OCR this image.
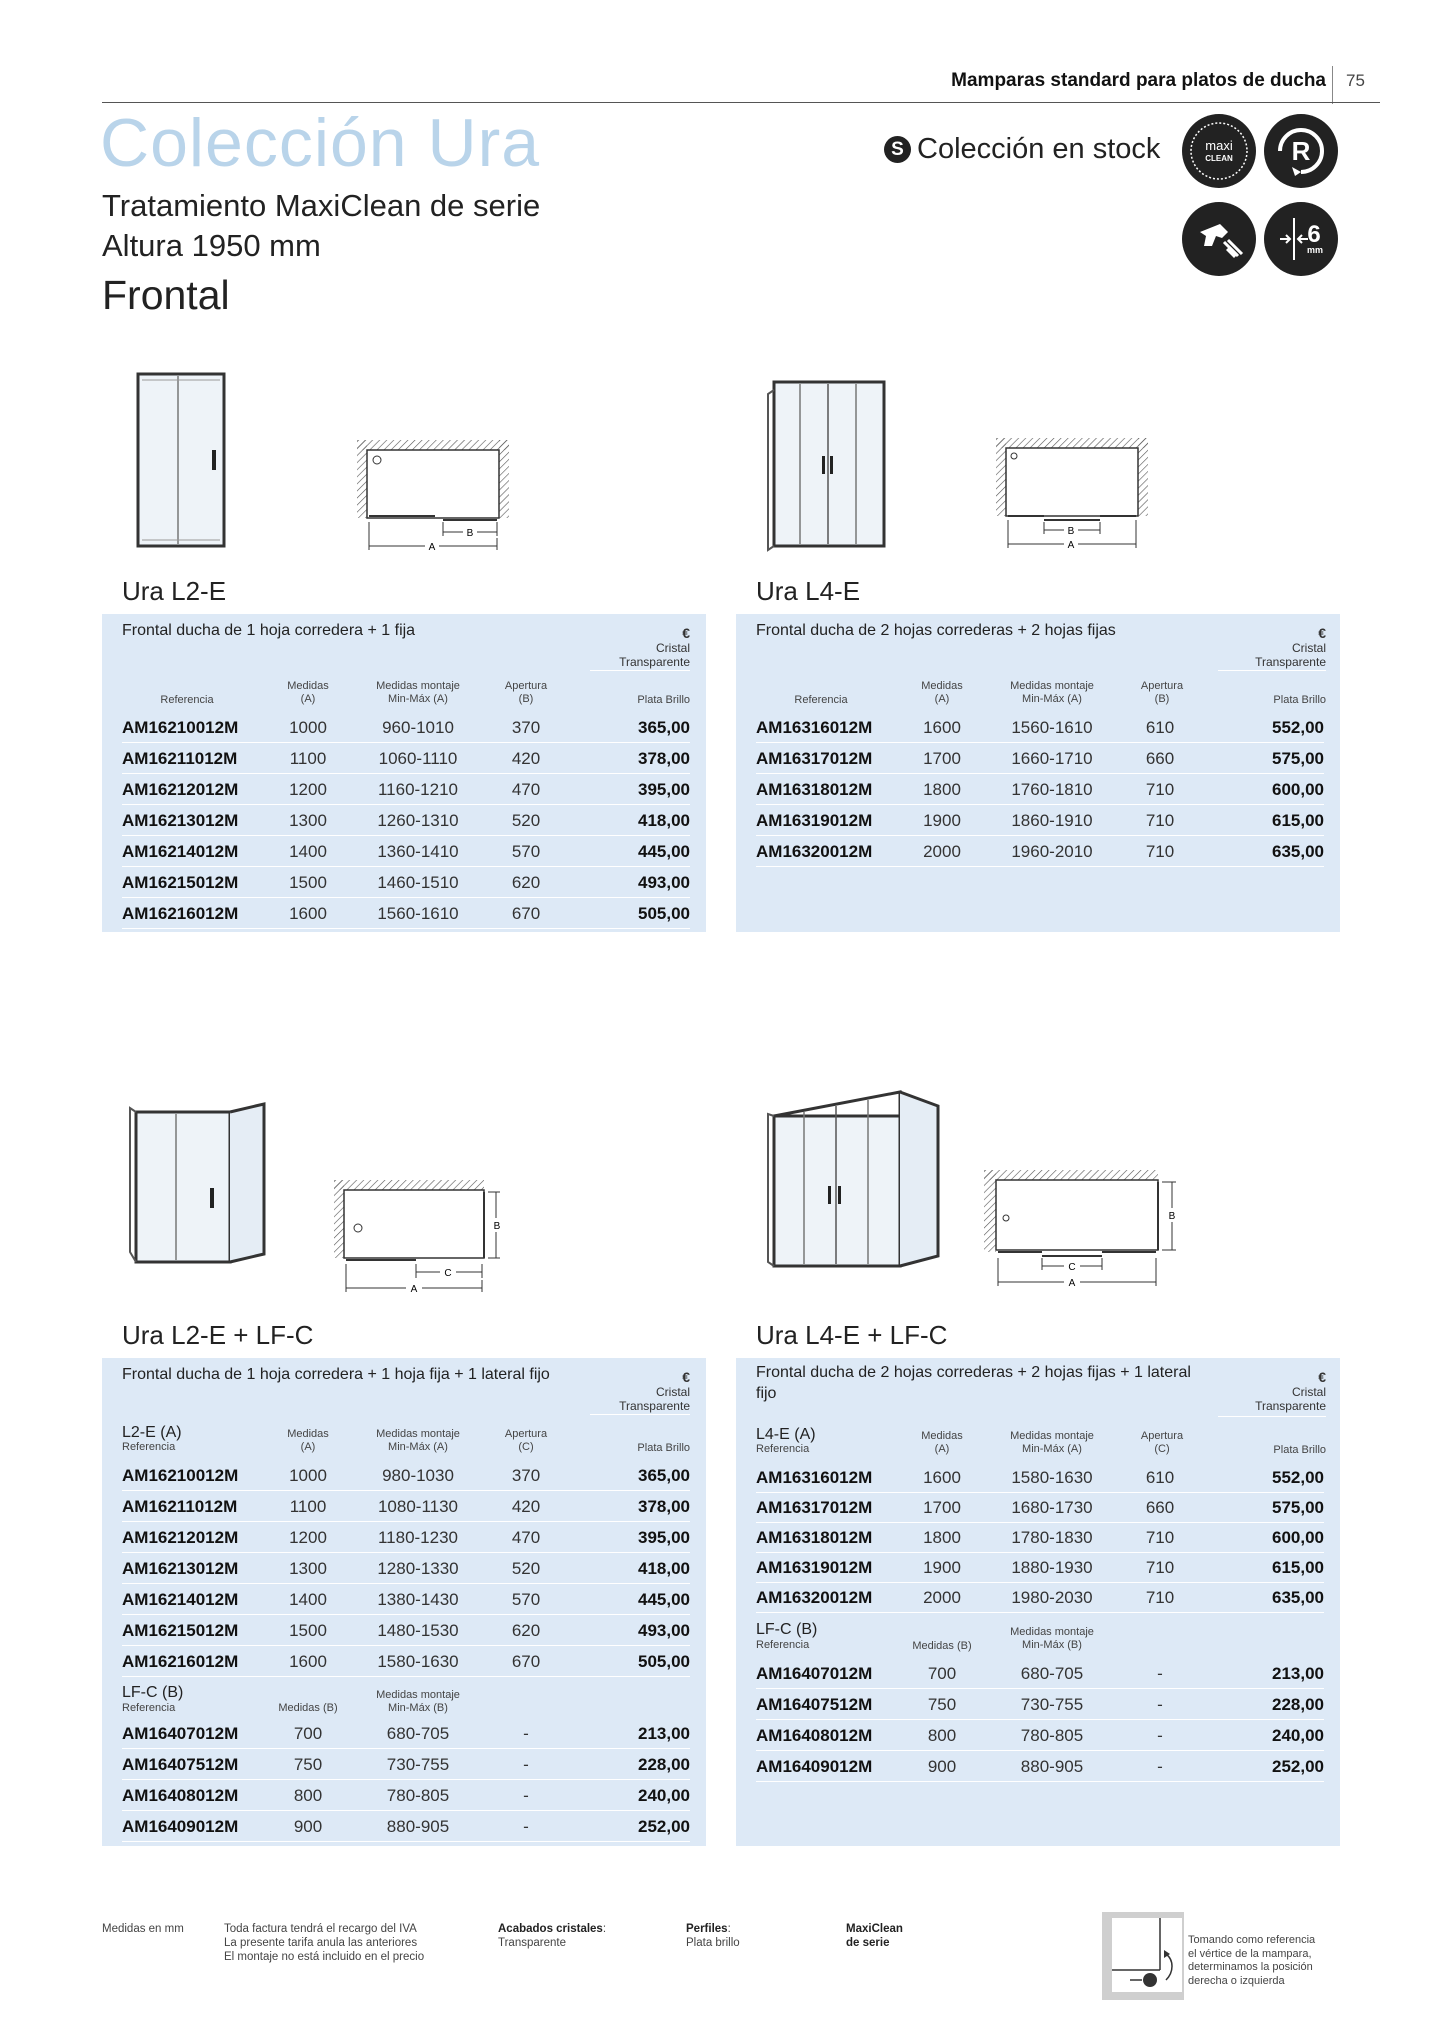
Mamparas standard para platos de ducha 75
Colección Ura
Tratamiento MaxiClean de serie
Altura 1950 mm
Frontal
S Colección en stock	maxi
CLEAN R
6
mm
B
A
B
A
Ura L2-E
Frontal ducha de 1 hoja corredera + 1 fija	€
Cristal
Transparente
Referencia
Medidas
(A)
Medidas montaje
Min-Máx (A)
Apertura
(B)	Plata Brillo
AM16210012M	1000	960-1010	370	365,00
AM16211012M	1100	1060-1110	420	378,00
AM16212012M	1200	1160-1210	470	395,00
AM16213012M	1300	1260-1310	520	418,00
AM16214012M	1400	1360-1410	570	445,00
AM16215012M	1500	1460-1510	620	493,00
AM16216012M	1600	1560-1610	670	505,00
Ura L4-E
Frontal ducha de 2 hojas correderas + 2 hojas fijas	€
Cristal
Transparente
Referencia
Medidas
(A)
Medidas montaje
Min-Máx (A)
Apertura
(B)	Plata Brillo
AM16316012M	1600	1560-1610	610	552,00
AM16317012M	1700	1660-1710	660	575,00
AM16318012M	1800	1760-1810	710	600,00
AM16319012M	1900	1860-1910	710	615,00
AM16320012M	2000	1960-2010	710	635,00
B
C
A
B
C
A
Ura L2-E + LF-C
Frontal ducha de 1 hoja corredera + 1 hoja fija + 1 lateral fijo	€
Cristal
Transparente
L2-E (A)
Referencia
Medidas
(A)
Medidas montaje
Min-Máx (A)
Apertura
(C)	Plata Brillo
AM16210012M	1000	980-1030	370	365,00
AM16211012M	1100	1080-1130	420	378,00
AM16212012M	1200	1180-1230	470	395,00
AM16213012M	1300	1280-1330	520	418,00
AM16214012M	1400	1380-1430	570	445,00
AM16215012M	1500	1480-1530	620	493,00
AM16216012M	1600	1580-1630	670	505,00
LF-C (B)
Referencia	Medidas (B)
Medidas montaje
Min-Máx (B)
AM16407012M	700	680-705	-	213,00
AM16407512M	750	730-755	-	228,00
AM16408012M	800	780-805	-	240,00
AM16409012M	900	880-905	-	252,00
Ura L4-E + LF-C
Frontal ducha de 2 hojas correderas + 2 hojas fijas + 1 lateral
fijo
€
Cristal
Transparente
L4-E (A)
Referencia
Medidas
(A)
Medidas montaje
Min-Máx (A)
Apertura
(C)	Plata Brillo
AM16316012M	1600	1580-1630	610	552,00
AM16317012M	1700	1680-1730	660	575,00
AM16318012M	1800	1780-1830	710	600,00
AM16319012M	1900	1880-1930	710	615,00
AM16320012M	2000	1980-2030	710	635,00
LF-C (B)
Referencia	Medidas (B)
Medidas montaje
Min-Máx (B)
AM16407012M	700	680-705	-	213,00
AM16407512M	750	730-755	-	228,00
AM16408012M	800	780-805	-	240,00
AM16409012M	900	880-905	-	252,00
Medidas en mm	Toda factura tendrá el recargo del IVA
La presente tarifa anula las anteriores
El montaje no está incluido en el precio
Acabados cristales:
Transparente
Perfiles:
Plata brillo
MaxiClean
de serie	Tomando como referencia
el vértice de la mampara,
determinamos la posición
derecha o izquierda
